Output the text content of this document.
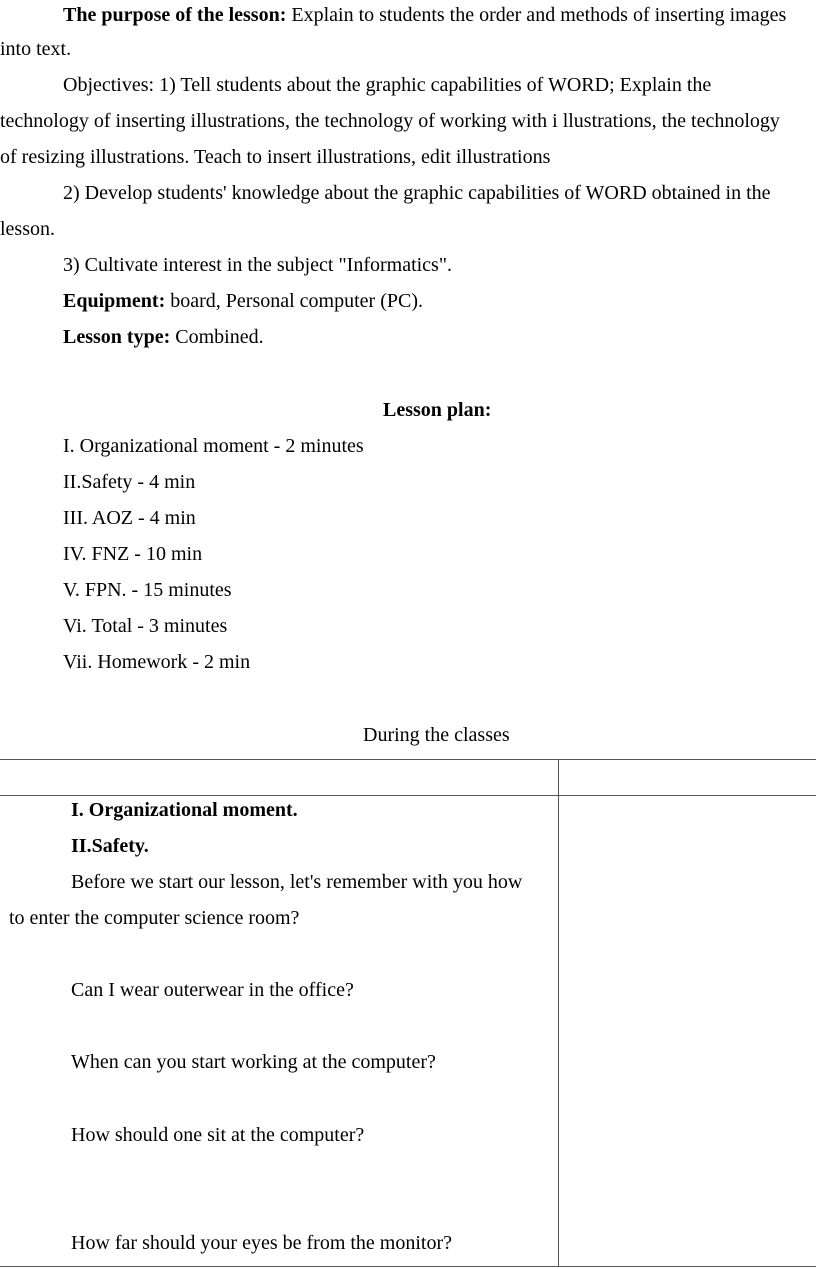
The purpose of the lesson: Explain to students the order and methods of inserting images
into text.
Objectives: 1) Tell students about the graphic capabilities of WORD; Explain the
technology of inserting illustrations, the technology of working with i llustrations, the technology
of resizing illustrations. Teach to insert illustrations, edit illustrations
2) Develop students' knowledge about the graphic capabilities of WORD obtained in the
lesson.
3) Cultivate interest in the subject "Informatics".
Equipment: board, Personal computer (PC).
Lesson type: Combined.
Lesson plan:
I. Organizational moment - 2 minutes
II.Safety - 4 min
III. AOZ - 4 min
IV. FNZ - 10 min
V. FPN. - 15 minutes
Vi. Total - 3 minutes
Vii. Homework - 2 min
During the classes
I. Organizational moment.
II.Safety.
Before we start our lesson, let's remember with you how
to enter the computer science room?
Can I wear outerwear in the office?
When can you start working at the computer?
How should one sit at the computer?
How far should your eyes be from the monitor?
